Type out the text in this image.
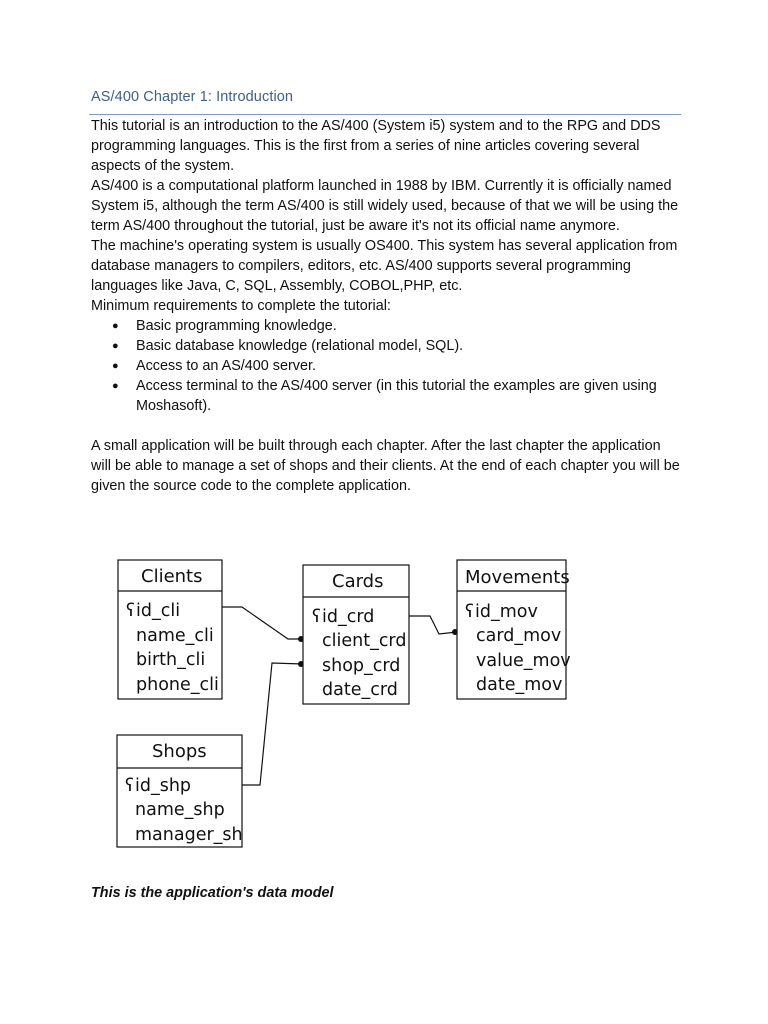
AS/400 Chapter 1: Introduction

This tutorial is an introduction to the AS/400 (System i5) system and to the RPG and DDS programming languages. This is the first from a series of nine articles covering several aspects of the system.

AS/400 is a computational platform launched in 1988 by IBM. Currently it is officially named System i5, although the term AS/400 is still widely used, because of that we will be using the term AS/400 throughout the tutorial, just be aware it's not its official name anymore.

The machine's operating system is usually OS400. This system has several application from database managers to compilers, editors, etc. AS/400 supports several programming languages like Java, C, SQL, Assembly, COBOL,PHP, etc.

Minimum requirements to complete the tutorial:

● Basic programming knowledge.
● Basic database knowledge (relational model, SQL).
● Access to an AS/400 server.
● Access terminal to the AS/400 server (in this tutorial the examples are given using Moshasoft).

A small application will be built through each chapter. After the last chapter the application will be able to manage a set of shops and their clients. At the end of each chapter you will be given the source code to the complete application.

Clients
ʕ id_cli
name_cli
birth_cli
phone_cli
Cards
ʕ id_crd
client_crd
shop_crd
date_crd
Movements
ʕ id_mov
card_mov
value_mov
date_mov
Shops
ʕ id_shp
name_shp
manager_sh
This is the application's data model
